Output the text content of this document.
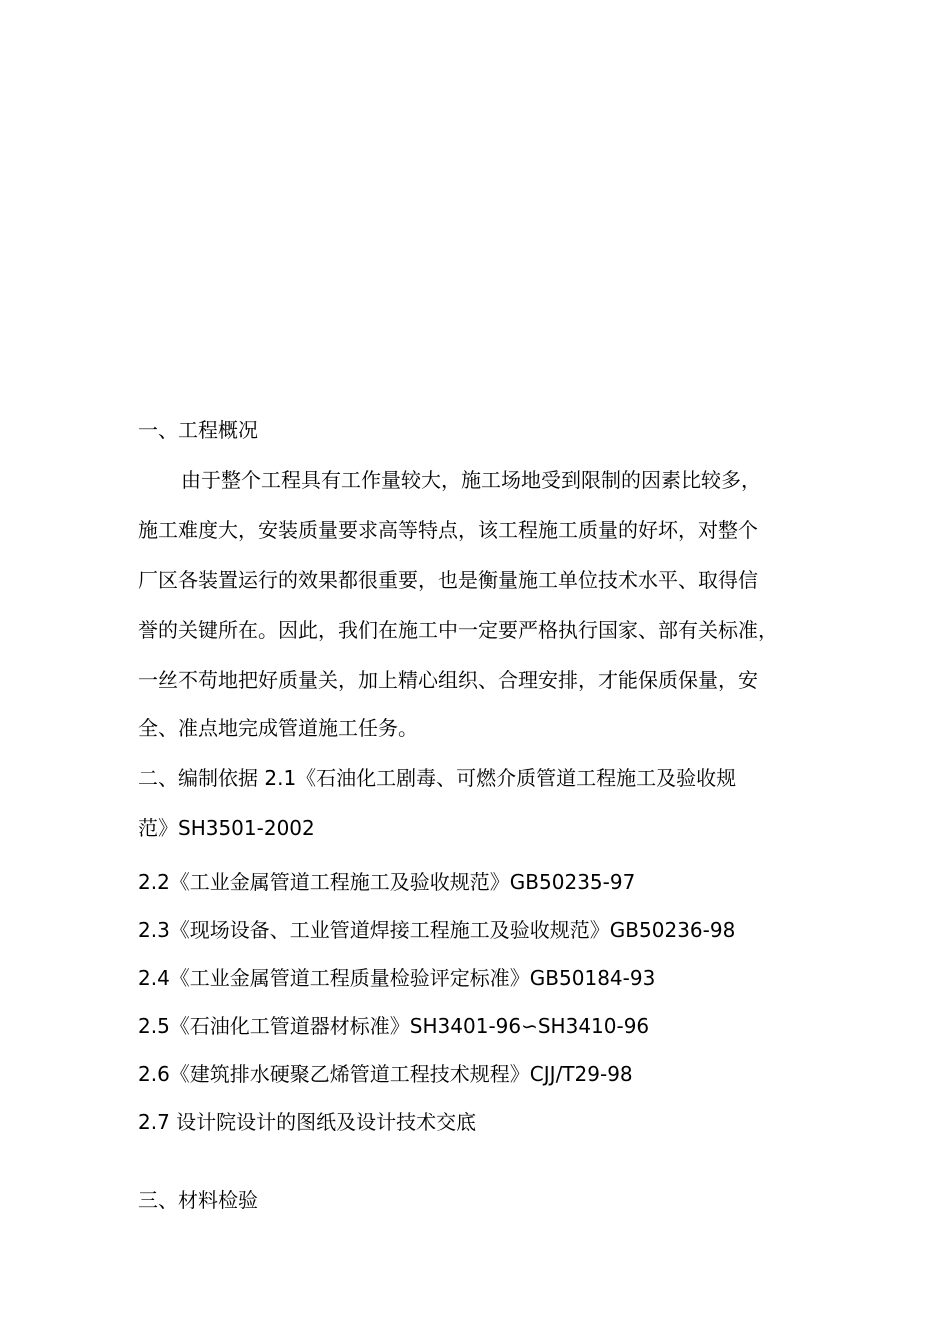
一、工程概况
由于整个工程具有工作量较大，施工场地受到限制的因素比较多，
施工难度大，安装质量要求高等特点，该工程施工质量的好坏，对整个
厂区各装置运行的效果都很重要，也是衡量施工单位技术水平、取得信
誉的关键所在。因此，我们在施工中一定要严格执行国家、部有关标准，
一丝不苟地把好质量关，加上精心组织、合理安排，才能保质保量，安
全、准点地完成管道施工任务。
二、编制依据 2.1《石油化工剧毒、可燃介质管道工程施工及验收规
范》SH3501-2002
2.2《工业金属管道工程施工及验收规范》GB50235-97
2.3《现场设备、工业管道焊接工程施工及验收规范》GB50236-98
2.4《工业金属管道工程质量检验评定标准》GB50184-93
2.5《石油化工管道器材标准》SH3401-96∽SH3410-96
2.6《建筑排水硬聚乙烯管道工程技术规程》CJJ/T29-98
2.7 设计院设计的图纸及设计技术交底
三、材料检验
